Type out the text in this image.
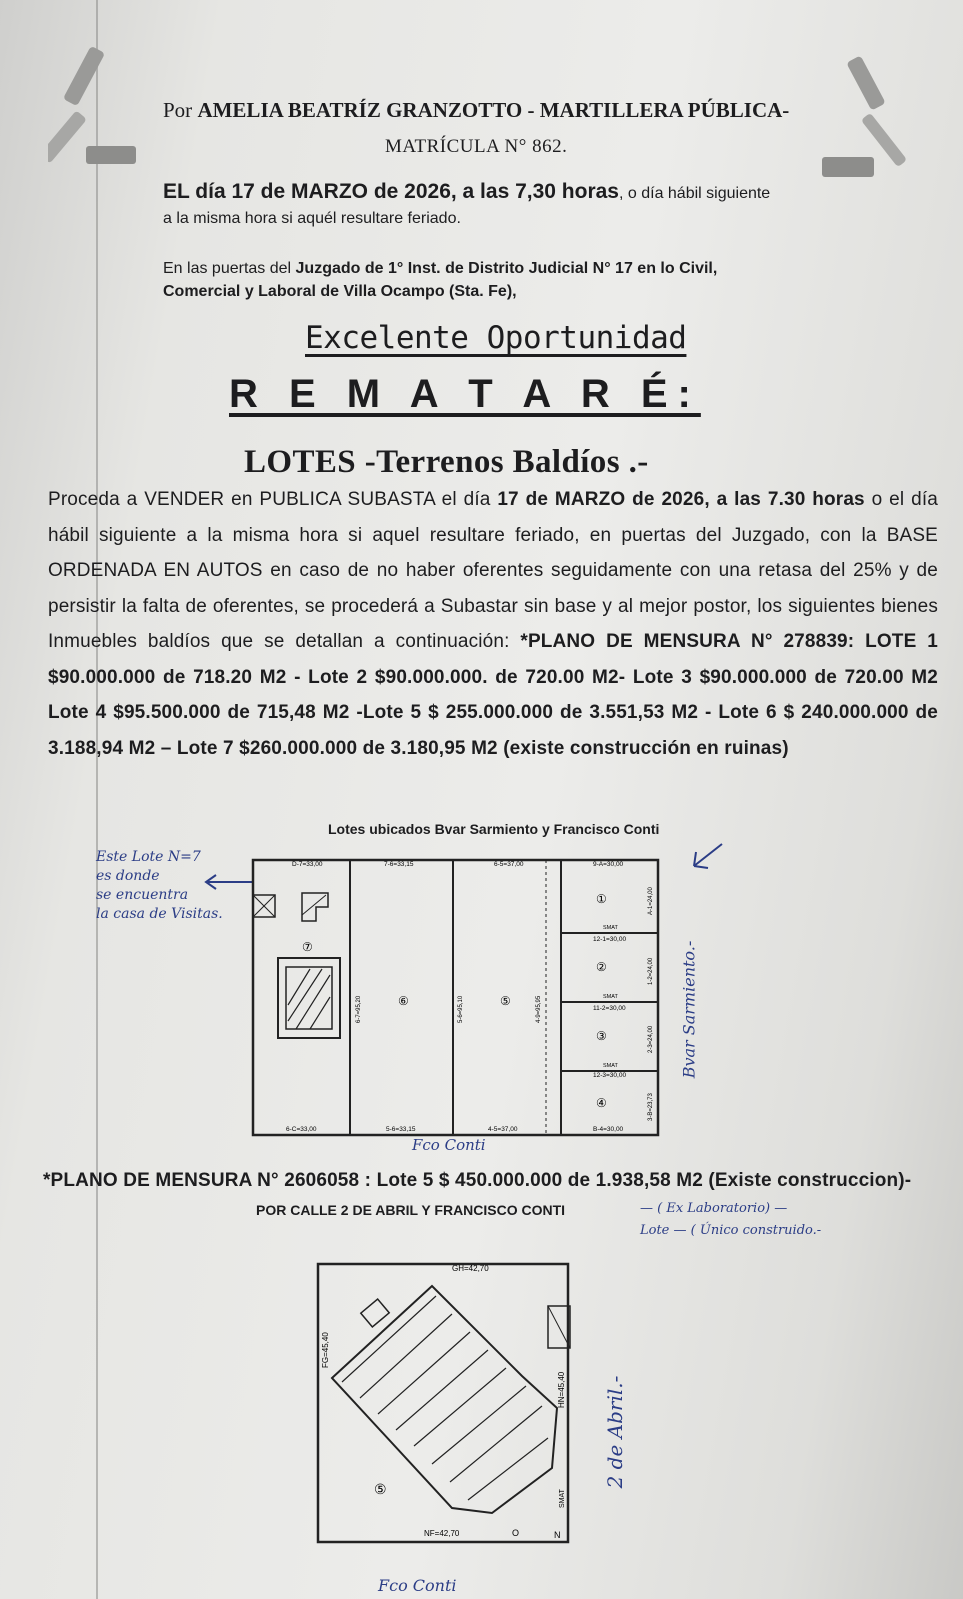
Por AMELIA BEATRÍZ GRANZOTTO - MARTILLERA PÚBLICA-
MATRÍCULA N° 862.
EL día 17 de MARZO de 2026, a las 7,30 horas, o día hábil siguiente
a la misma hora si aquél resultare feriado.
En las puertas del Juzgado de 1° Inst. de Distrito Judicial N° 17 en lo Civil,
Comercial y Laboral de Villa Ocampo (Sta. Fe),
Excelente Oportunidad
R E M A T A R É:
LOTES -Terrenos Baldíos .-
Proceda a VENDER en PUBLICA SUBASTA el día 17 de MARZO de 2026, a las 7.30 horas o el día hábil siguiente a la misma hora si aquel resultare feriado, en puertas del Juzgado, con la BASE ORDENADA EN AUTOS en caso de no haber oferentes seguidamente con una retasa del 25% y de persistir la falta de oferentes, se procederá a Subastar sin base y al mejor postor, los siguientes bienes Inmuebles baldíos que se detallan a continuación: *PLANO DE MENSURA N° 278839: LOTE 1 $90.000.000 de 718.20 M2 - Lote 2 $90.000.000. de 720.00 M2- Lote 3 $90.000.000 de 720.00 M2 Lote 4 $95.500.000 de 715,48 M2 -Lote 5 $ 255.000.000 de 3.551,53 M2 - Lote 6 $ 240.000.000 de 3.188,94 M2 – Lote 7 $260.000.000 de 3.180,95 M2 (existe construcción en ruinas)
Lotes ubicados Bvar Sarmiento y Francisco Conti
Este Lote N=7
es donde
se encuentra
la casa de Visitas.
D-7=33,00	7-6=33,15	6-5=37,00	9-A=30,00
6-C=33,00	5-6=33,15	4-5=37,00	B-4=30,00
12-1=30,00
11-2=30,00
12-3=30,00
A-1=24,00
1-2=24,00
2-3=24,00
3-B=23,73
6-7=95,20	5-6=95,10	4-9=95,95
SMAT
SMAT
SMAT
①
②
③
④
⑤
⑥
⑦	Bvar Sarmiento.-
Fco Conti
*PLANO DE MENSURA N° 2606058 : Lote 5 $ 450.000.000 de 1.938,58 M2 (Existe construccion)-
POR CALLE 2 DE ABRIL Y FRANCISCO CONTI	— ( Ex Laboratorio) —
Lote — ( Único construido.-
GH=42,70
NF=42,70
FG=45,40
HN=45,40
SMAT
⑤
O	N
2 de Abril.-
Fco Conti
